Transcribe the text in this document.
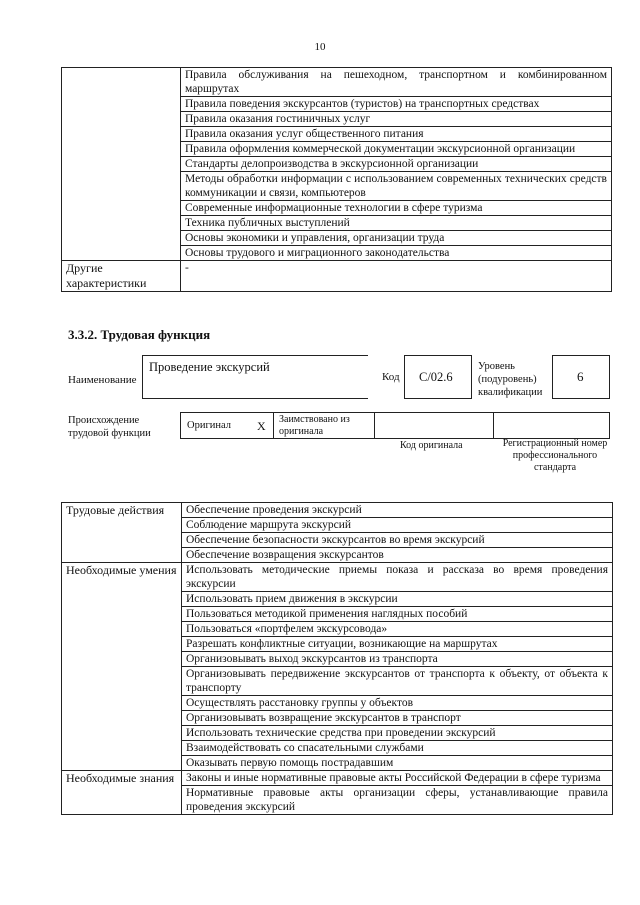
10
	Правила обслуживания на пешеходном, транспортном и комбинированном маршрутах
	Правила поведения экскурсантов (туристов) на транспортных средствах
	Правила оказания гостиничных услуг
	Правила оказания услуг общественного питания
	Правила оформления коммерческой документации экскурсионной организации
	Стандарты делопроизводства в экскурсионной организации
	Методы обработки информации с использованием современных технических средств коммуникации и связи, компьютеров
	Современные информационные технологии в сфере туризма
	Техника публичных выступлений
	Основы экономики и управления, организации труда
	Основы трудового и миграционного законодательства
Другие характеристики	-
3.3.2. Трудовая функция
Наименование
Проведение экскурсий
Код С/02.6
Уровень (подуровень) квалификации
6
Происхождение трудовой функции
Оригинал X Заимствовано из оригинала
Код оригинала	Регистрационный номер профессионального стандарта
Трудовые действия	Обеспечение проведения экскурсий
	Соблюдение маршрута экскурсий
	Обеспечение безопасности экскурсантов во время экскурсий
	Обеспечение возвращения экскурсантов
Необходимые умения	Использовать методические приемы показа и рассказа во время проведения экскурсии
	Использовать прием движения в экскурсии
	Пользоваться методикой применения наглядных пособий
	Пользоваться «портфелем экскурсовода»
	Разрешать конфликтные ситуации, возникающие на маршрутах
	Организовывать выход экскурсантов из транспорта
	Организовывать передвижение экскурсантов от транспорта к объекту, от объекта к транспорту
	Осуществлять расстановку группы у объектов
	Организовывать возвращение экскурсантов в транспорт
	Использовать технические средства при проведении экскурсий
	Взаимодействовать со спасательными службами
	Оказывать первую помощь пострадавшим
Необходимые знания	Законы и иные нормативные правовые акты Российской Федерации в сфере туризма
	Нормативные правовые акты организации сферы, устанавливающие правила проведения экскурсий
